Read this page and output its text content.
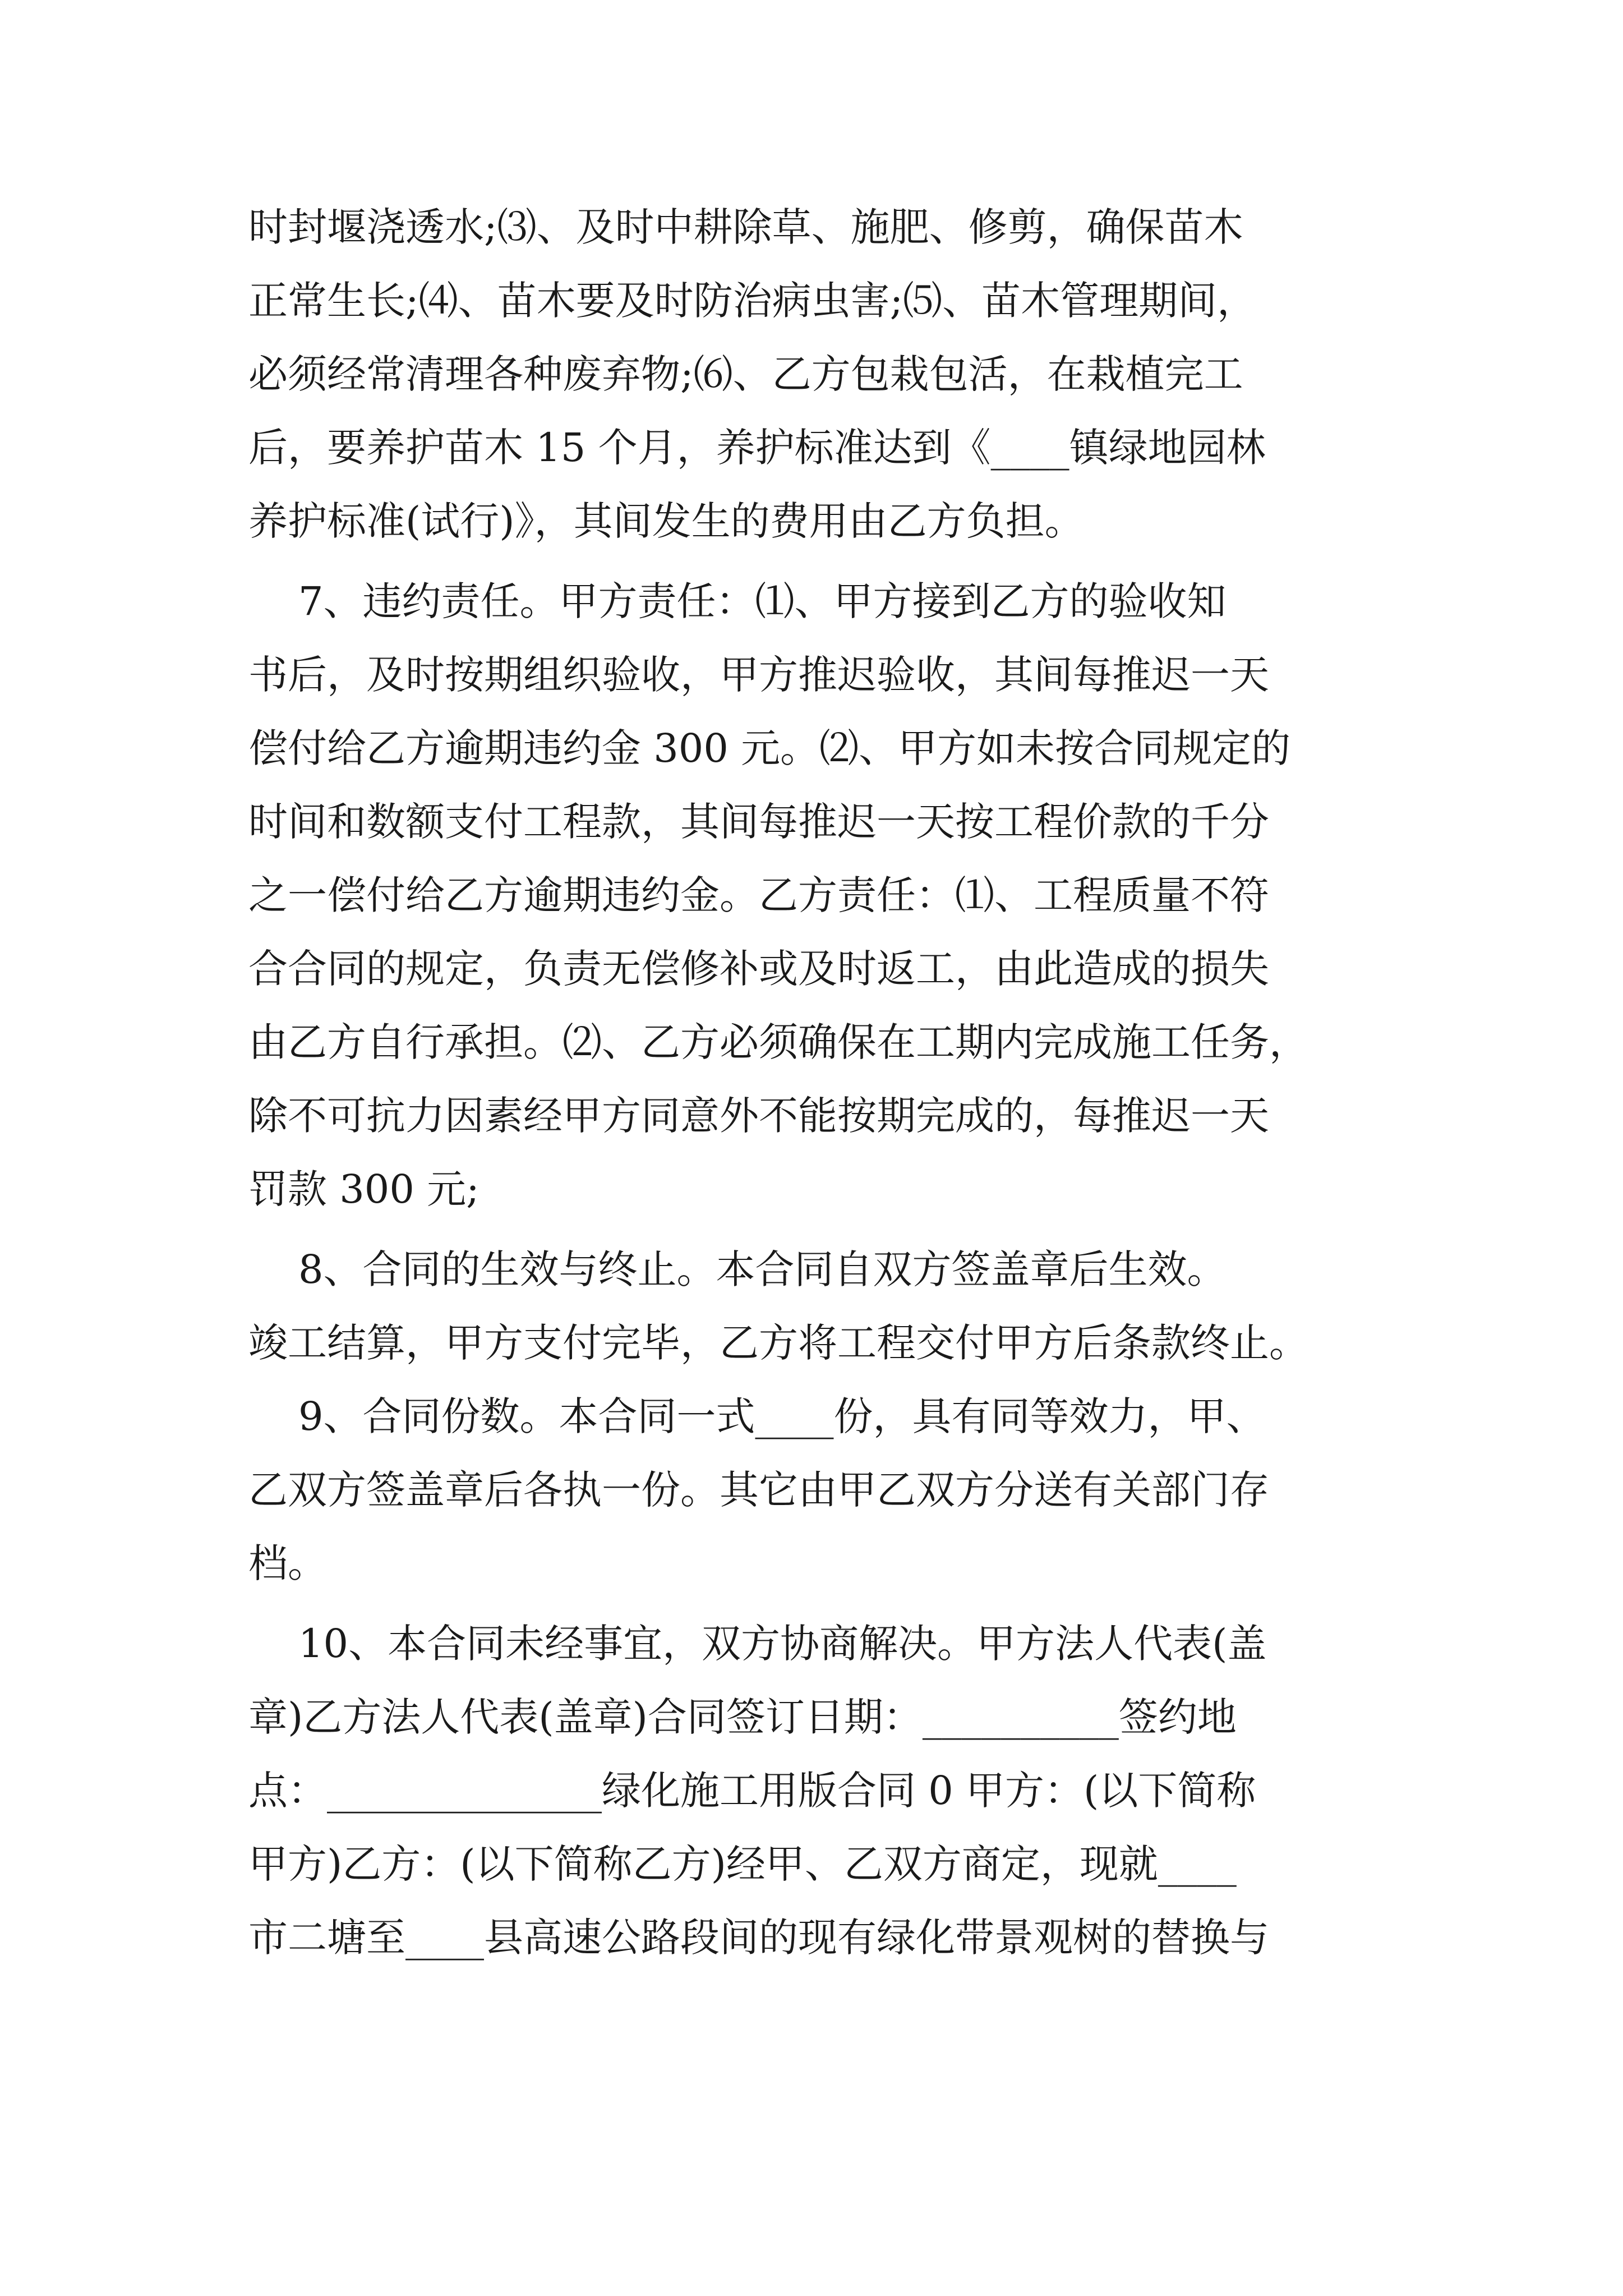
时封堰浇透水;⑶、及时中耕除草、施肥、修剪，确保苗木
正常生长;⑷、苗木要及时防治病虫害;⑸、苗木管理期间，
必须经常清理各种废弃物;⑹、乙方包栽包活，在栽植完工
后，要养护苗木 15 个月，养护标准达到《____镇绿地园林
养护标准(试行)》，其间发生的费用由乙方负担。
7、违约责任。甲方责任：⑴、甲方接到乙方的验收知
书后，及时按期组织验收，甲方推迟验收，其间每推迟一天
偿付给乙方逾期违约金 300 元。⑵、甲方如未按合同规定的
时间和数额支付工程款，其间每推迟一天按工程价款的千分
之一偿付给乙方逾期违约金。乙方责任：⑴、工程质量不符
合合同的规定，负责无偿修补或及时返工，由此造成的损失
由乙方自行承担。⑵、乙方必须确保在工期内完成施工任务，
除不可抗力因素经甲方同意外不能按期完成的，每推迟一天
罚款 300 元;
8、合同的生效与终止。本合同自双方签盖章后生效。
竣工结算，甲方支付完毕，乙方将工程交付甲方后条款终止。
9、合同份数。本合同一式____份，具有同等效力，甲、
乙双方签盖章后各执一份。其它由甲乙双方分送有关部门存
档。
10、本合同未经事宜，双方协商解决。甲方法人代表(盖
章)乙方法人代表(盖章)合同签订日期：__________签约地
点：______________绿化施工用版合同 0 甲方：(以下简称
甲方)乙方：(以下简称乙方)经甲、乙双方商定，现就____
市二塘至____县高速公路段间的现有绿化带景观树的替换与
